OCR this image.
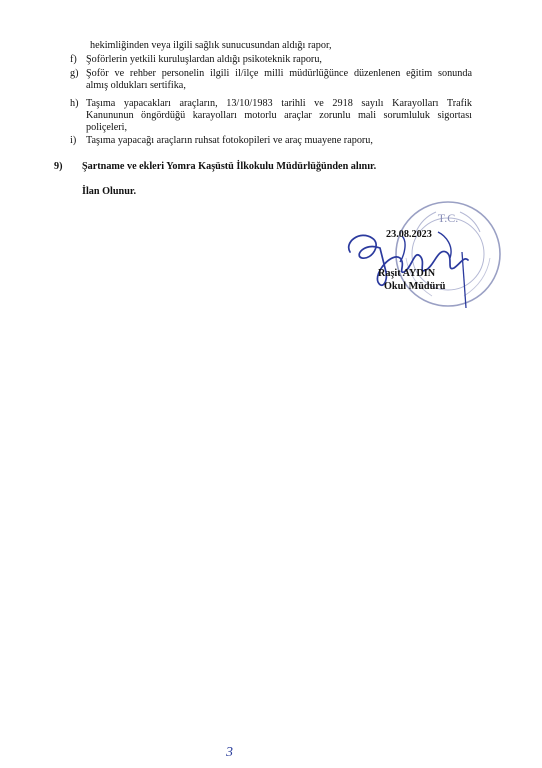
hekimliğinden veya ilgili sağlık sunucusundan aldığı rapor,
f) Şoförlerin yetkili kuruluşlardan aldığı psikoteknik raporu,
g) Şoför ve rehber personelin ilgili il/ilçe milli müdürlüğünce düzenlenen eğitim sonunda
almış oldukları sertifika,
h) Taşıma yapacakları araçların, 13/10/1983 tarihli ve 2918 sayılı Karayolları Trafik
Kanununun öngördüğü karayolları motorlu araçlar zorunlu mali sorumluluk sigortası
poliçeleri,
i) Taşıma yapacağı araçların ruhsat fotokopileri ve araç muayene raporu,
9) Şartname ve ekleri Yomra Kaşüstü İlkokulu Müdürlüğünden alınır.
İlan Olunur.
T.C.
23.08.2023
Raşit AYDIN
Okul Müdürü
3
